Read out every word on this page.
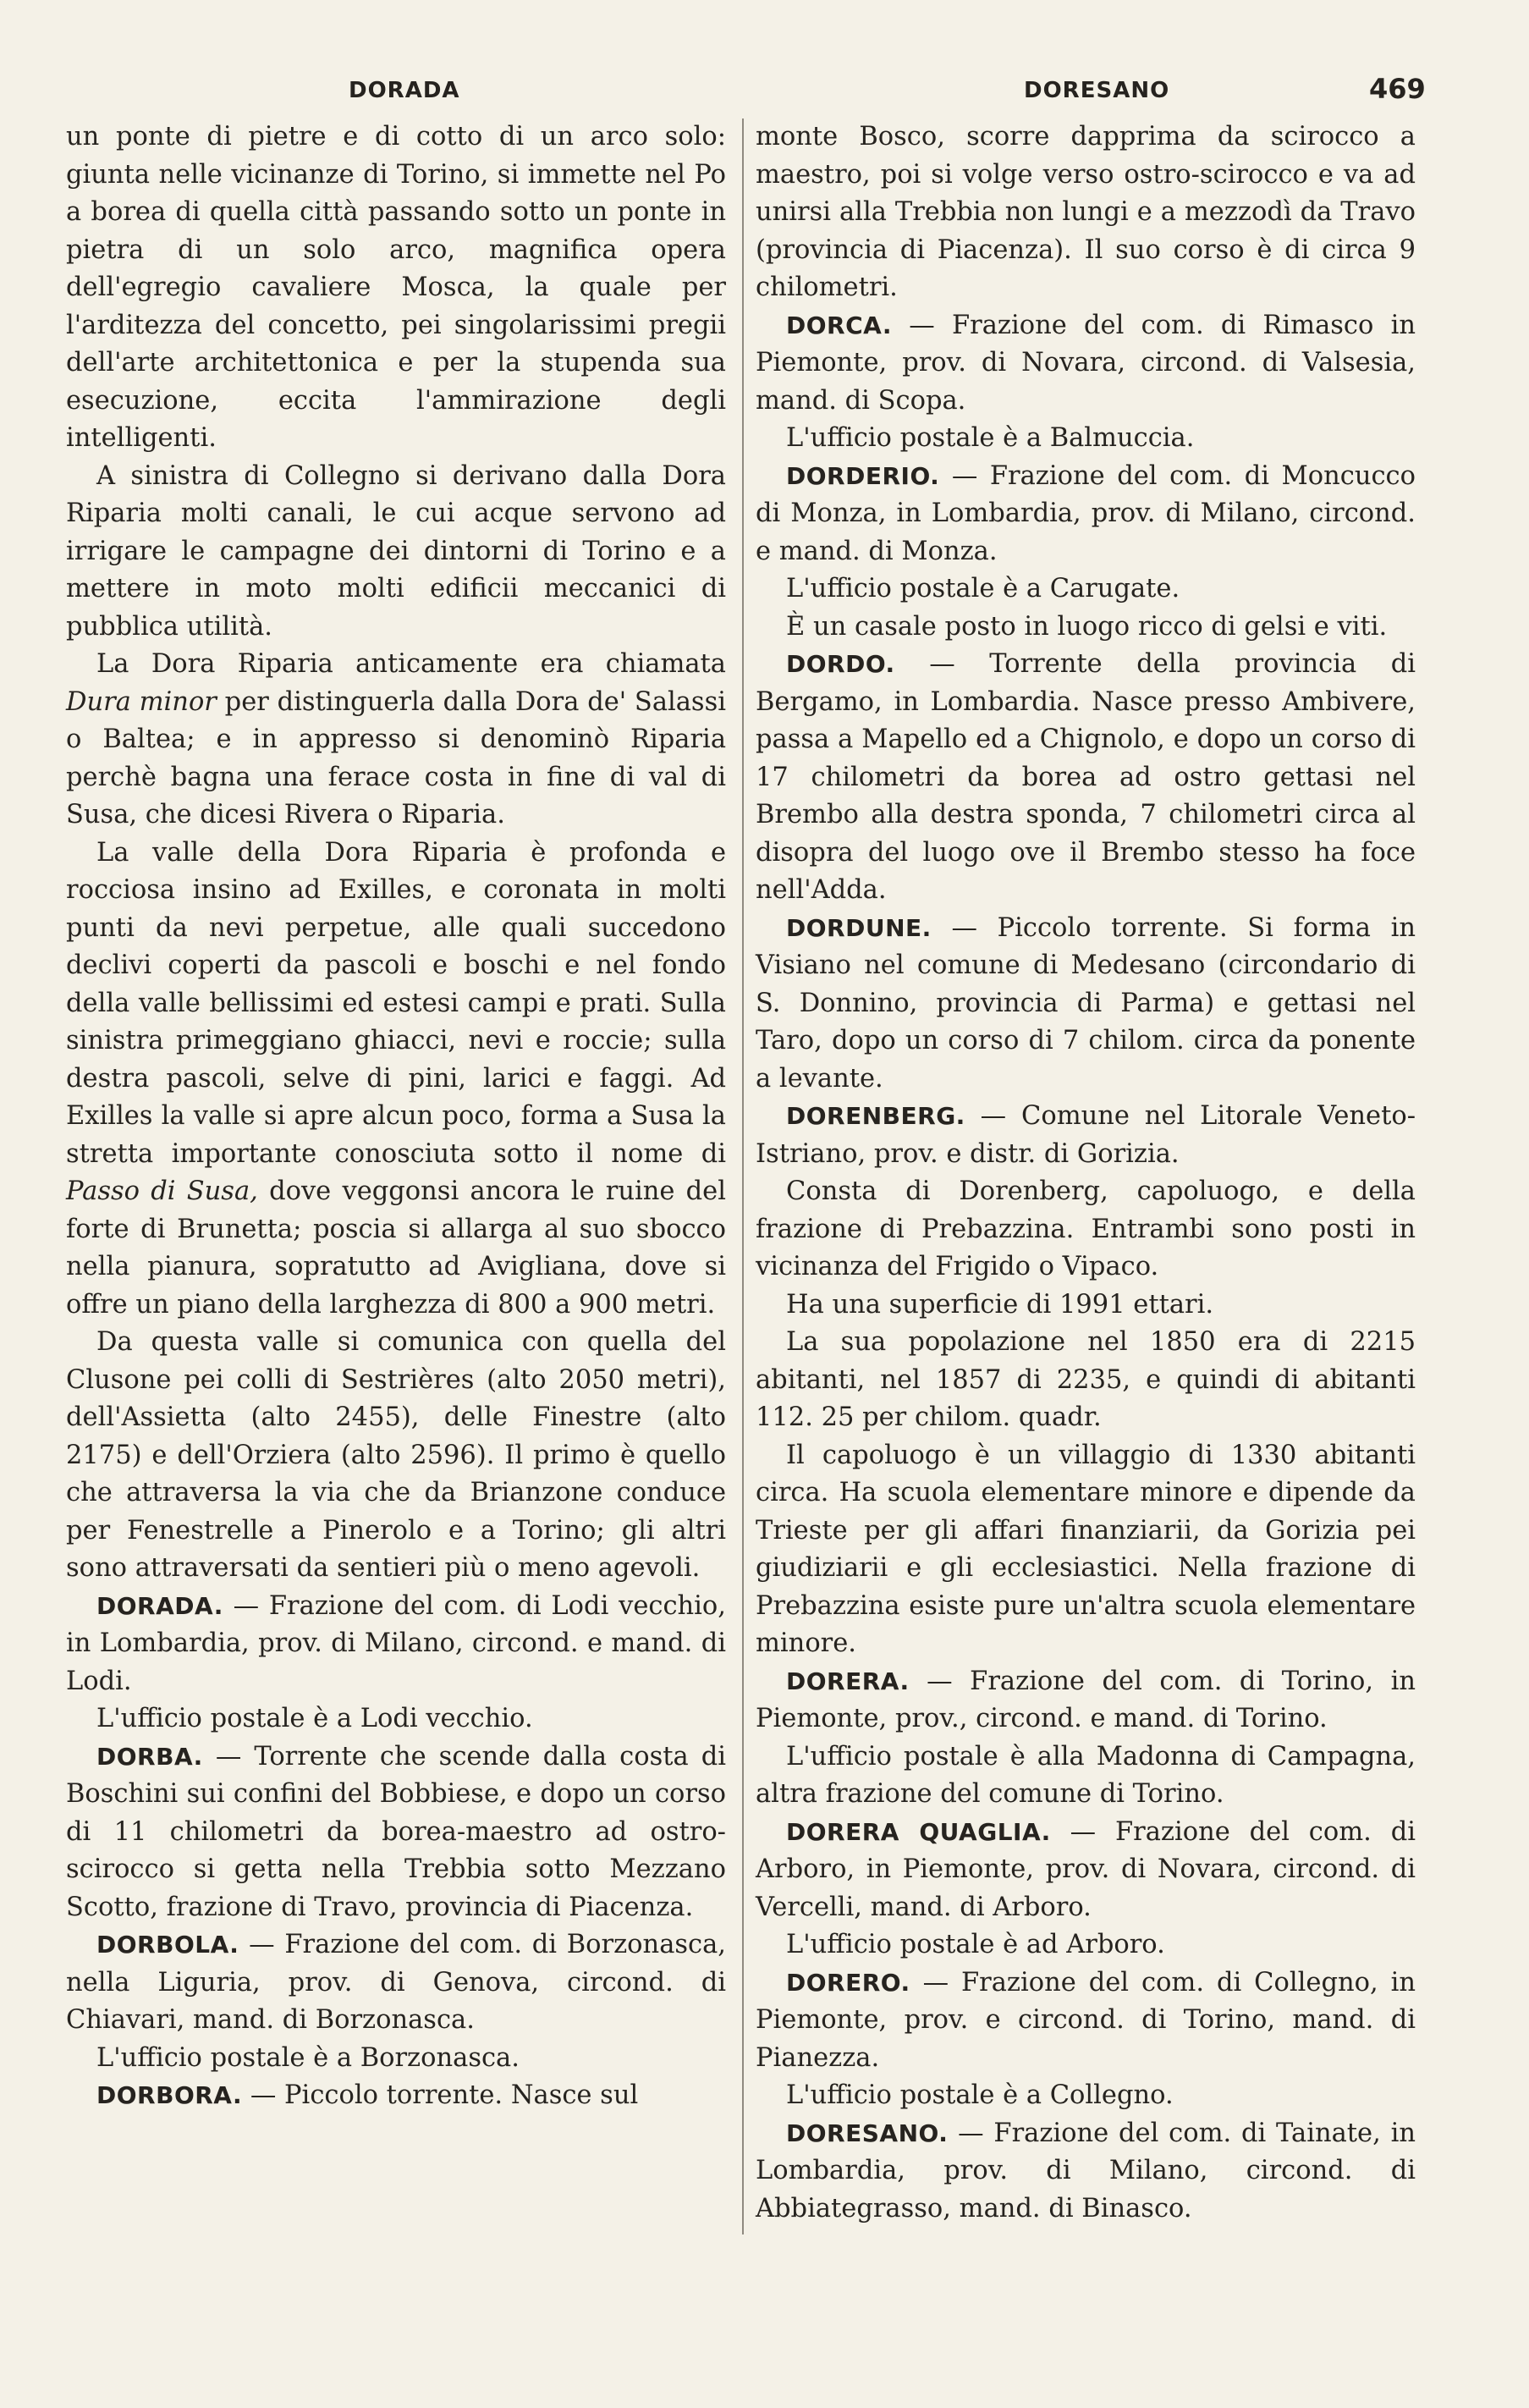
DORADA	DORESANO	469

un ponte di pietre e di cotto di un arco solo: giunta nelle vicinanze di Torino, si immette nel Po a borea di quella città passando sotto un ponte in pietra di un solo arco, magnifica opera dell'egregio cavaliere Mosca, la quale per l'arditezza del concetto, pei singolarissimi pregii dell'arte architettonica e per la stupenda sua esecuzione, eccita l'ammirazione degli intelligenti.

A sinistra di Collegno si derivano dalla Dora Riparia molti canali, le cui acque servono ad irrigare le campagne dei dintorni di Torino e a mettere in moto molti edificii meccanici di pubblica utilità.

La Dora Riparia anticamente era chiamata Dura minor per distinguerla dalla Dora de' Salassi o Baltea; e in appresso si denominò Riparia perchè bagna una ferace costa in fine di val di Susa, che dicesi Rivera o Riparia.

La valle della Dora Riparia è profonda e rocciosa insino ad Exilles, e coronata in molti punti da nevi perpetue, alle quali succedono declivi coperti da pascoli e boschi e nel fondo della valle bellissimi ed estesi campi e prati. Sulla sinistra primeggiano ghiacci, nevi e roccie; sulla destra pascoli, selve di pini, larici e faggi. Ad Exilles la valle si apre alcun poco, forma a Susa la stretta importante conosciuta sotto il nome di Passo di Susa, dove veggonsi ancora le ruine del forte di Brunetta; poscia si allarga al suo sbocco nella pianura, sopratutto ad Avigliana, dove si offre un piano della larghezza di 800 a 900 metri.

Da questa valle si comunica con quella del Clusone pei colli di Sestrières (alto 2050 metri), dell'Assietta (alto 2455), delle Finestre (alto 2175) e dell'Orziera (alto 2596). Il primo è quello che attraversa la via che da Brianzone conduce per Fenestrelle a Pinerolo e a Torino; gli altri sono attraversati da sentieri più o meno agevoli.

DORADA. — Frazione del com. di Lodi vecchio, in Lombardia, prov. di Milano, circond. e mand. di Lodi.

L'ufficio postale è a Lodi vecchio.

DORBA. — Torrente che scende dalla costa di Boschini sui confini del Bobbiese, e dopo un corso di 11 chilometri da borea-maestro ad ostro-scirocco si getta nella Trebbia sotto Mezzano Scotto, frazione di Travo, provincia di Piacenza.

DORBOLA. — Frazione del com. di Borzonasca, nella Liguria, prov. di Genova, circond. di Chiavari, mand. di Borzonasca.

L'ufficio postale è a Borzonasca.

DORBORA. — Piccolo torrente. Nasce sul

monte Bosco, scorre dapprima da scirocco a maestro, poi si volge verso ostro-scirocco e va ad unirsi alla Trebbia non lungi e a mezzodì da Travo (provincia di Piacenza). Il suo corso è di circa 9 chilometri.

DORCA. — Frazione del com. di Rimasco in Piemonte, prov. di Novara, circond. di Valsesia, mand. di Scopa.

L'ufficio postale è a Balmuccia.

DORDERIO. — Frazione del com. di Moncucco di Monza, in Lombardia, prov. di Milano, circond. e mand. di Monza.

L'ufficio postale è a Carugate.

È un casale posto in luogo ricco di gelsi e viti.

DORDO. — Torrente della provincia di Bergamo, in Lombardia. Nasce presso Ambivere, passa a Mapello ed a Chignolo, e dopo un corso di 17 chilometri da borea ad ostro gettasi nel Brembo alla destra sponda, 7 chilometri circa al disopra del luogo ove il Brembo stesso ha foce nell'Adda.

DORDUNE. — Piccolo torrente. Si forma in Visiano nel comune di Medesano (circondario di S. Donnino, provincia di Parma) e gettasi nel Taro, dopo un corso di 7 chilom. circa da ponente a levante.

DORENBERG. — Comune nel Litorale Veneto-Istriano, prov. e distr. di Gorizia.

Consta di Dorenberg, capoluogo, e della frazione di Prebazzina. Entrambi sono posti in vicinanza del Frigido o Vipaco.

Ha una superficie di 1991 ettari.

La sua popolazione nel 1850 era di 2215 abitanti, nel 1857 di 2235, e quindi di abitanti 112. 25 per chilom. quadr.

Il capoluogo è un villaggio di 1330 abitanti circa. Ha scuola elementare minore e dipende da Trieste per gli affari finanziarii, da Gorizia pei giudiziarii e gli ecclesiastici. Nella frazione di Prebazzina esiste pure un'altra scuola elementare minore.

DORERA. — Frazione del com. di Torino, in Piemonte, prov., circond. e mand. di Torino.

L'ufficio postale è alla Madonna di Campagna, altra frazione del comune di Torino.

DORERA QUAGLIA. — Frazione del com. di Arboro, in Piemonte, prov. di Novara, circond. di Vercelli, mand. di Arboro.

L'ufficio postale è ad Arboro.

DORERO. — Frazione del com. di Collegno, in Piemonte, prov. e circond. di Torino, mand. di Pianezza.

L'ufficio postale è a Collegno.

DORESANO. — Frazione del com. di Tainate, in Lombardia, prov. di Milano, circond. di Abbiategrasso, mand. di Binasco.
